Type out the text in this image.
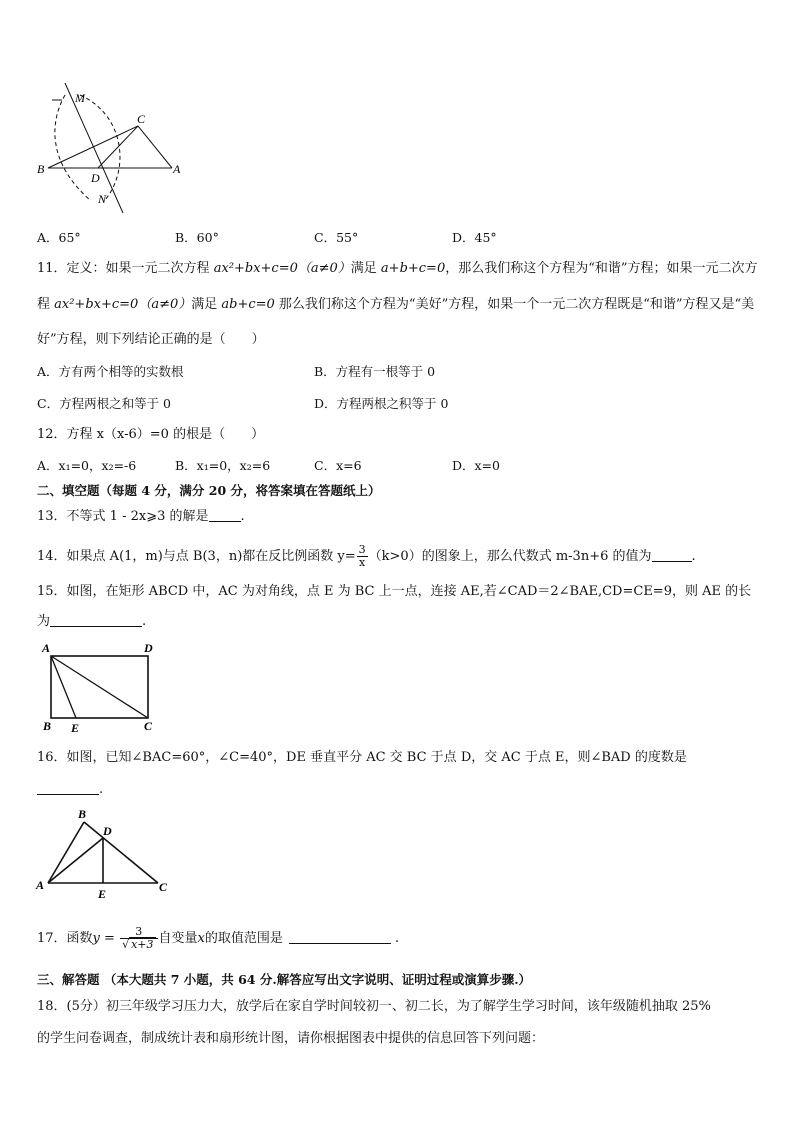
M
C
B	A
D
N
A．65°	B．60°	C．55°	D．45°
11．定义：如果一元二次方程 ax²+bx+c=0（a≠0）满足 a+b+c=0，那么我们称这个方程为“和谐”方程；如果一元二次方
程 ax²+bx+c=0（a≠0）满足 ab+c=0 那么我们称这个方程为“美好”方程，如果一个一元二次方程既是“和谐”方程又是“美
好”方程，则下列结论正确的是（　　）
A．方有两个相等的实数根	B．方程有一根等于 0
C．方程两根之和等于 0	D．方程两根之积等于 0
12．方程 x（x-6）=0 的根是（　　）
A．x₁=0，x₂=-6	B．x₁=0，x₂=6	C．x=6	D．x=0
二、填空题（每题 4 分，满分 20 分，将答案填在答题纸上）
13．不等式 1 - 2x⩾3 的解是 .
14．如果点 A(1，m)与点 B(3，n)都在反比例函数 $y= \frac{3}{x} (k>0)$的图象上，那么代数式 m-3n+6 的值为	.
15．如图，在矩形 ABCD 中，AC 为对角线，点 E 为 BC 上一点，连接 AE,若∠CAD＝2∠BAE,CD=CE=9，则 AE 的长
为	.
A	D
B E	C
16．如图，已知∠BAC=60°，∠C=40°，DE 垂直平分 AC 交 BC 于点 D，交 AC 于点 E，则∠BAD 的度数是
.
B
D
A
E	C
17．函数$y = \frac{3}{√ x+3}$ 自变量x的取值范围是	.
三、解答题 （本大题共 7 小题，共 64 分.解答应写出文字说明、证明过程或演算步骤.）
18．(5分）初三年级学习压力大，放学后在家自学时间较初一、初二长，为了解学生学习时间，该年级随机抽取 25%
的学生问卷调查，制成统计表和扇形统计图，请你根据图表中提供的信息回答下列问题：
